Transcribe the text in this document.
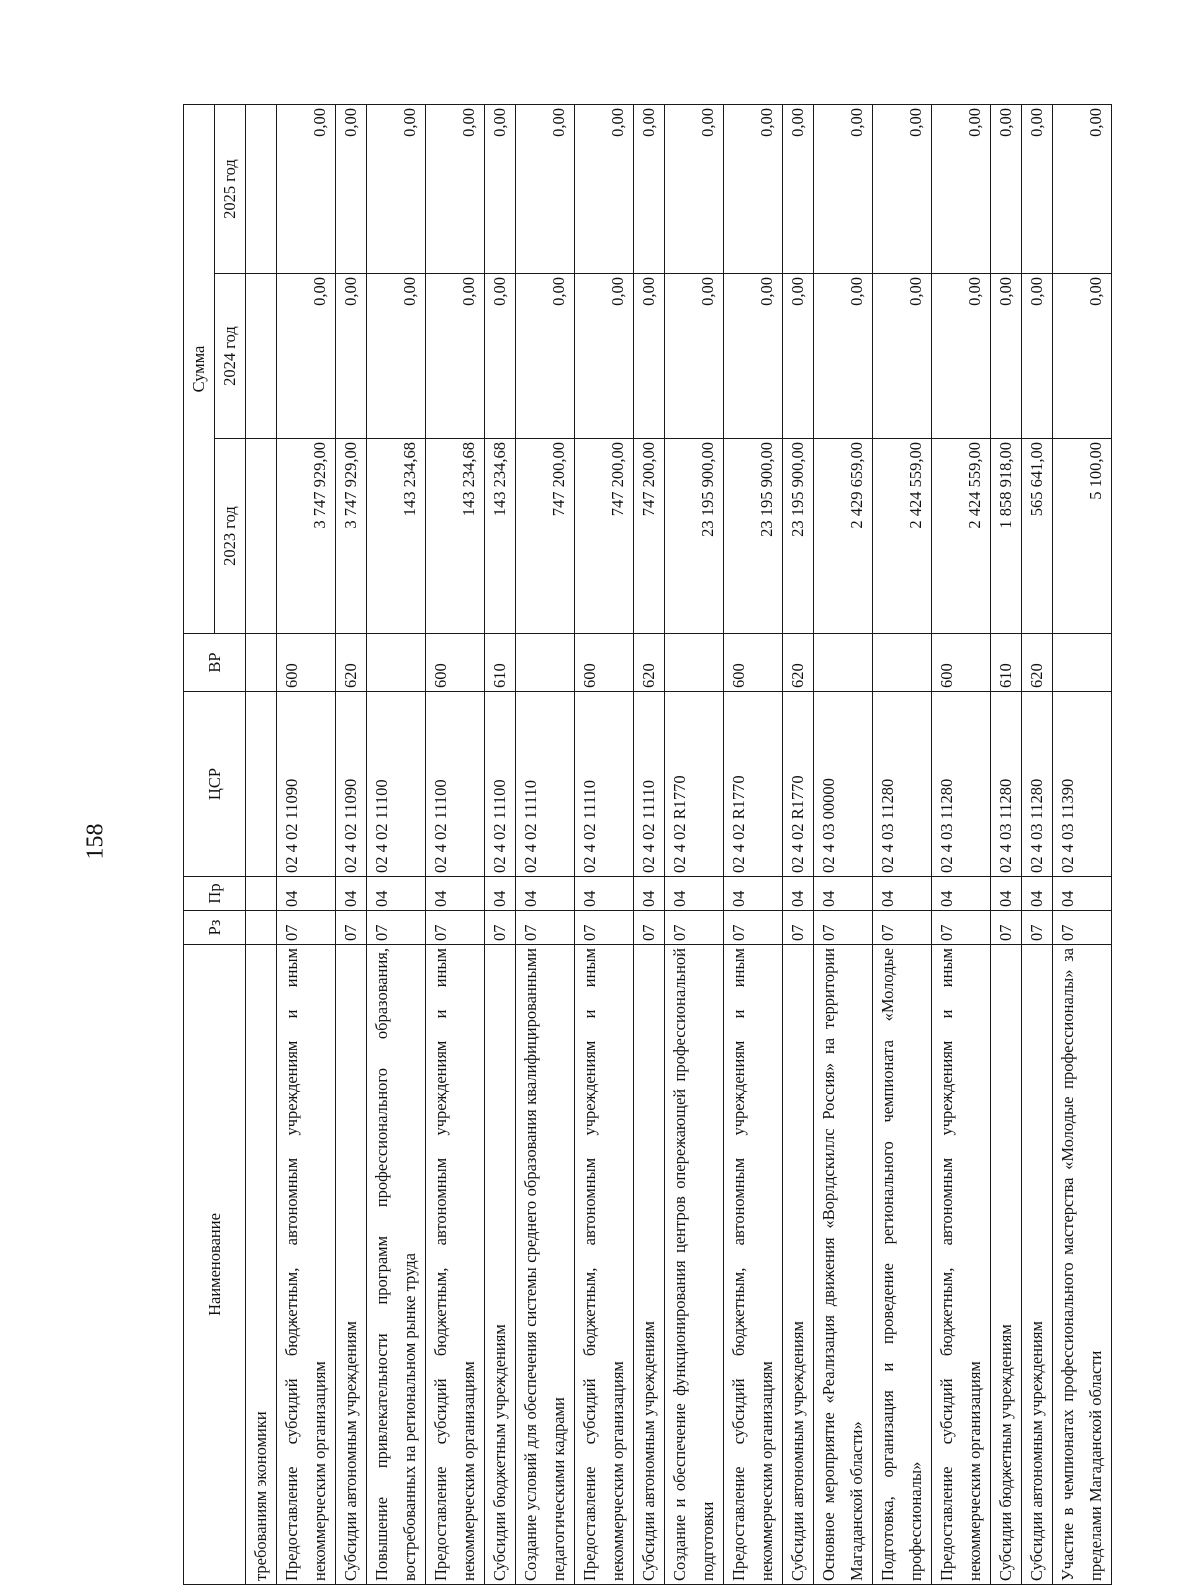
158
Наименование	Рз	Пр	ЦСР	ВР	Сумма		
					2023 год	2024 год	2025 год
требованиям экономики							
Предоставление субсидий бюджетным, автономным учреждениям и иным некоммерческим организациям	07	04	02 4 02 11090	600	3 747 929,00	0,00	0,00
Субсидии автономным учреждениям	07	04	02 4 02 11090	620	3 747 929,00	0,00	0,00
Повышение привлекательности программ профессионального образования, востребованных на региональном рынке труда	07	04	02 4 02 11100		143 234,68	0,00	0,00
Предоставление субсидий бюджетным, автономным учреждениям и иным некоммерческим организациям	07	04	02 4 02 11100	600	143 234,68	0,00	0,00
Субсидии бюджетным учреждениям	07	04	02 4 02 11100	610	143 234,68	0,00	0,00
Создание условий для обеспечения системы среднего образования квалифицированными педагогическими кадрами	07	04	02 4 02 11110		747 200,00	0,00	0,00
Предоставление субсидий бюджетным, автономным учреждениям и иным некоммерческим организациям	07	04	02 4 02 11110	600	747 200,00	0,00	0,00
Субсидии автономным учреждениям	07	04	02 4 02 11110	620	747 200,00	0,00	0,00
Создание и обеспечение функционирования центров опережающей профессиональной подготовки	07	04	02 4 02 R1770		23 195 900,00	0,00	0,00
Предоставление субсидий бюджетным, автономным учреждениям и иным некоммерческим организациям	07	04	02 4 02 R1770	600	23 195 900,00	0,00	0,00
Субсидии автономным учреждениям	07	04	02 4 02 R1770	620	23 195 900,00	0,00	0,00
Основное мероприятие «Реализация движения «Ворлдскиллс Россия» на территории Магаданской области»	07	04	02 4 03 00000		2 429 659,00	0,00	0,00
Подготовка, организация и проведение регионального чемпионата «Молодые профессионалы»	07	04	02 4 03 11280		2 424 559,00	0,00	0,00
Предоставление субсидий бюджетным, автономным учреждениям и иным некоммерческим организациям	07	04	02 4 03 11280	600	2 424 559,00	0,00	0,00
Субсидии бюджетным учреждениям	07	04	02 4 03 11280	610	1 858 918,00	0,00	0,00
Субсидии автономным учреждениям	07	04	02 4 03 11280	620	565 641,00	0,00	0,00
Участие в чемпионатах профессионального мастерства «Молодые профессионалы» за пределами Магаданской области	07	04	02 4 03 11390		5 100,00	0,00	0,00
